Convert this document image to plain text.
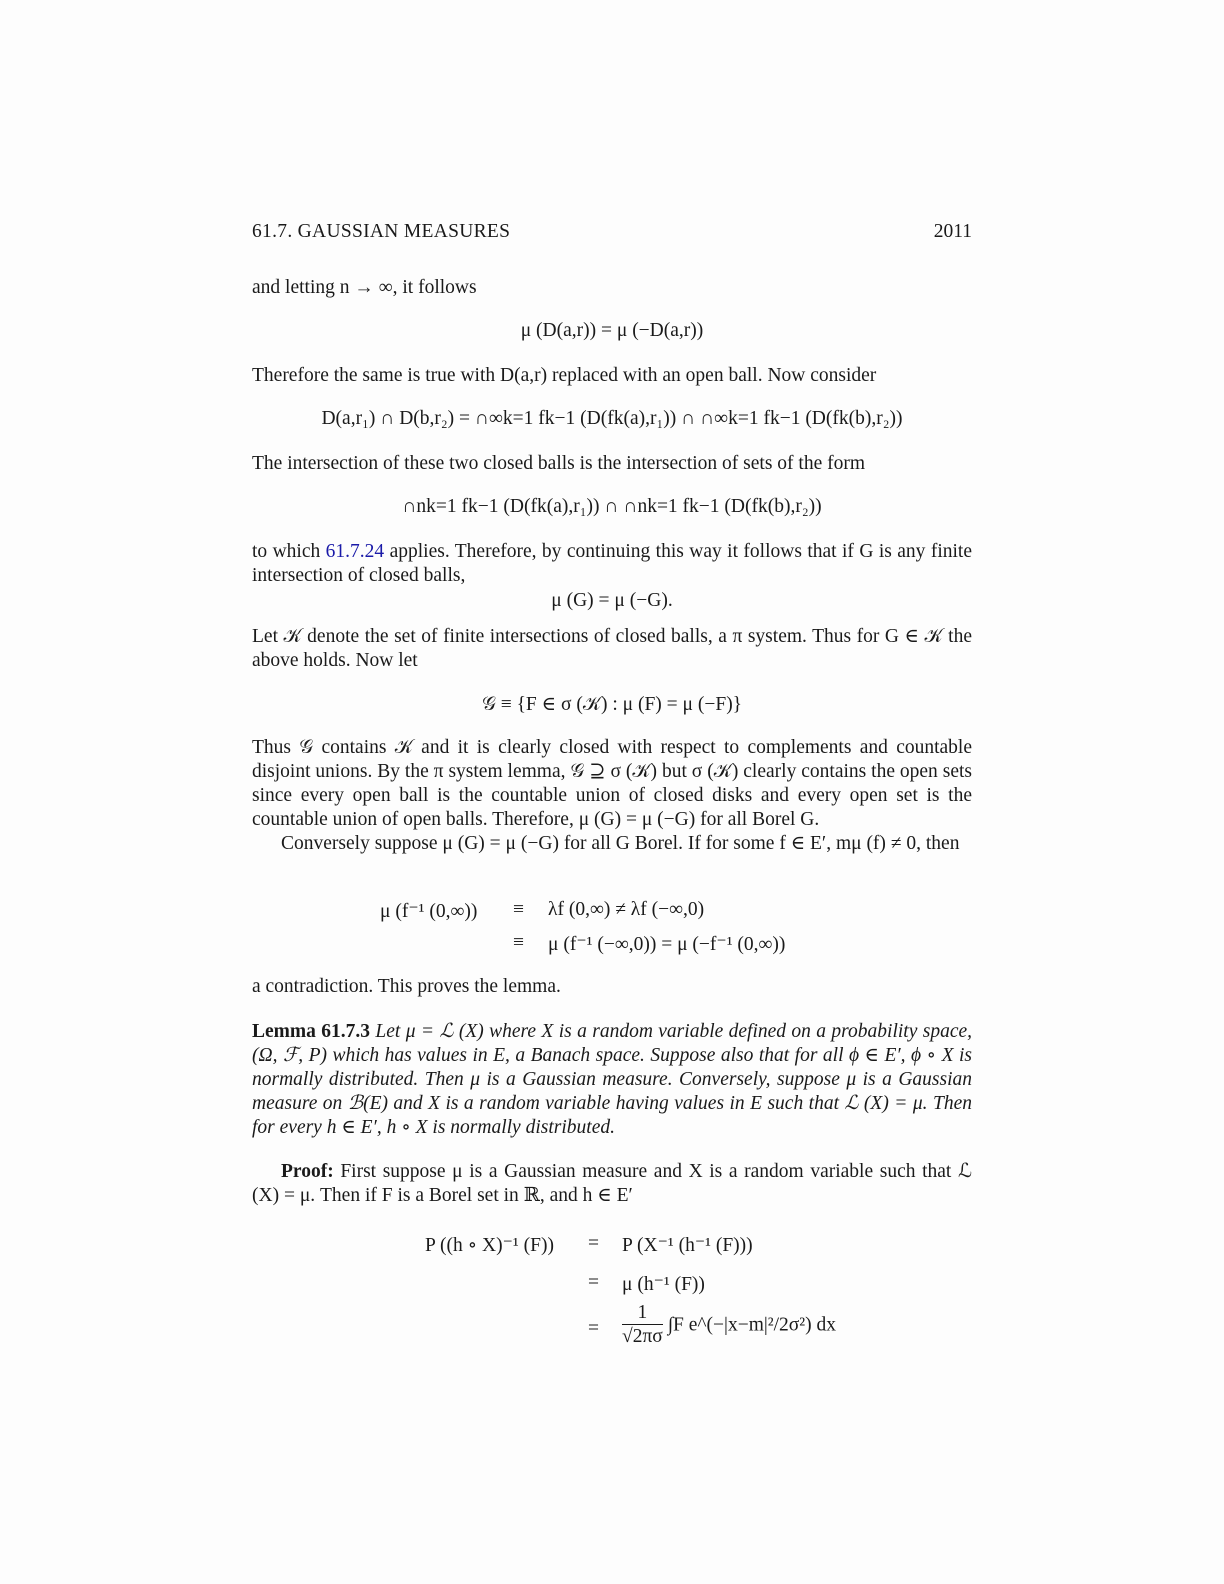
61.7. GAUSSIAN MEASURES	2011
and letting n → ∞, it follows
μ (D(a,r)) = μ (−D(a,r))
Therefore the same is true with D(a,r) replaced with an open ball. Now consider
D(a,r₁) ∩ D(b,r₂) = ∩∞k=1 fk−1 (D(fk(a),r₁)) ∩ ∩∞k=1 fk−1 (D(fk(b),r₂))
The intersection of these two closed balls is the intersection of sets of the form
∩nk=1 fk−1 (D(fk(a),r₁)) ∩ ∩nk=1 fk−1 (D(fk(b),r₂))
to which 61.7.24 applies. Therefore, by continuing this way it follows that if G is any finite intersection of closed balls,
μ (G) = μ (−G).
Let 𝒦 denote the set of finite intersections of closed balls, a π system. Thus for G ∈ 𝒦 the above holds. Now let
𝒢 ≡ {F ∈ σ (𝒦) : μ (F) = μ (−F)}
Thus 𝒢 contains 𝒦 and it is clearly closed with respect to complements and countable disjoint unions. By the π system lemma, 𝒢 ⊇ σ (𝒦) but σ (𝒦) clearly contains the open sets since every open ball is the countable union of closed disks and every open set is the countable union of open balls. Therefore, μ (G) = μ (−G) for all Borel G.
Conversely suppose μ (G) = μ (−G) for all G Borel. If for some f ∈ E′, mμ (f) ≠ 0, then
μ (f⁻¹ (0,∞)) ≡ λf (0,∞) ≠ λf (−∞,0)
≡ μ (f⁻¹ (−∞,0)) = μ (−f⁻¹ (0,∞))
a contradiction. This proves the lemma.
Lemma 61.7.3 Let μ = ℒ (X) where X is a random variable defined on a probability space, (Ω, ℱ, P) which has values in E, a Banach space. Suppose also that for all ϕ ∈ E′, ϕ ∘ X is normally distributed. Then μ is a Gaussian measure. Conversely, suppose μ is a Gaussian measure on ℬ(E) and X is a random variable having values in E such that ℒ (X) = μ. Then for every h ∈ E′, h ∘ X is normally distributed.
Proof: First suppose μ is a Gaussian measure and X is a random variable such that ℒ (X) = μ. Then if F is a Borel set in ℝ, and h ∈ E′
P ((h ∘ X)⁻¹ (F)) = P (X⁻¹ (h⁻¹ (F)))
= μ (h⁻¹ (F))
= $\frac{1}{√2\pi\sigma} \int F$ e^(−|x−m|²/2σ²) dx
